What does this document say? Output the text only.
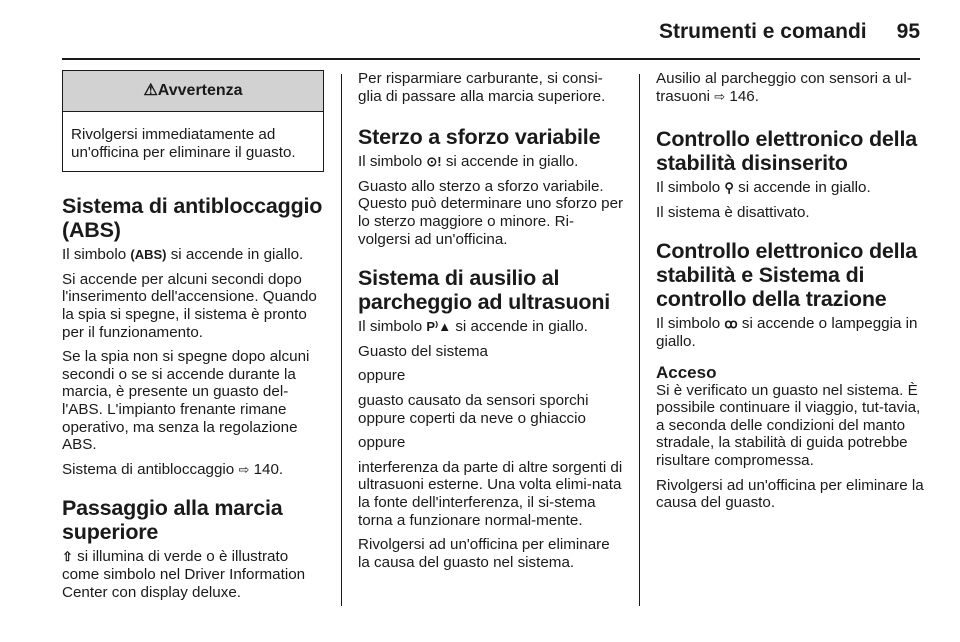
Strumenti e comandi 95
⚠ Avvertenza

Rivolgersi immediatamente ad un'officina per eliminare il guasto.

Sistema di antibloccaggio (ABS)

Il simbolo (ABS) si accende in giallo.

Si accende per alcuni secondi dopo l'inserimento dell'accensione. Quando la spia si spegne, il sistema è pronto per il funzionamento.

Se la spia non si spegne dopo alcuni secondi o se si accende durante la marcia, è presente un guasto del-l'ABS. L'impianto frenante rimane operativo, ma senza la regolazione ABS.

Sistema di antibloccaggio ⇨ 140.

Passaggio alla marcia superiore

⇧ si illumina di verde o è illustrato come simbolo nel Driver Information Center con display deluxe.

Per risparmiare carburante, si consi-glia di passare alla marcia superiore.

Sterzo a sforzo variabile

Il simbolo ⊙! si accende in giallo.

Guasto allo sterzo a sforzo variabile. Questo può determinare uno sforzo per lo sterzo maggiore o minore. Ri-volgersi ad un'officina.

Sistema di ausilio al parcheggio ad ultrasuoni

Il simbolo P⁾▲ si accende in giallo.

Guasto del sistema

oppure

guasto causato da sensori sporchi oppure coperti da neve o ghiaccio

oppure

interferenza da parte di altre sorgenti di ultrasuoni esterne. Una volta elimi-nata la fonte dell'interferenza, il si-stema torna a funzionare normal-mente.

Rivolgersi ad un'officina per eliminare la causa del guasto nel sistema.

Ausilio al parcheggio con sensori a ul-trasuoni ⇨ 146.

Controllo elettronico della stabilità disinserito

Il simbolo ⚲ si accende in giallo.

Il sistema è disattivato.

Controllo elettronico della stabilità e Sistema di controllo della trazione

Il simbolo ꝏ si accende o lampeggia in giallo.

Acceso

Si è verificato un guasto nel sistema. È possibile continuare il viaggio, tut-tavia, a seconda delle condizioni del manto stradale, la stabilità di guida potrebbe risultare compromessa.

Rivolgersi ad un'officina per eliminare la causa del guasto.
